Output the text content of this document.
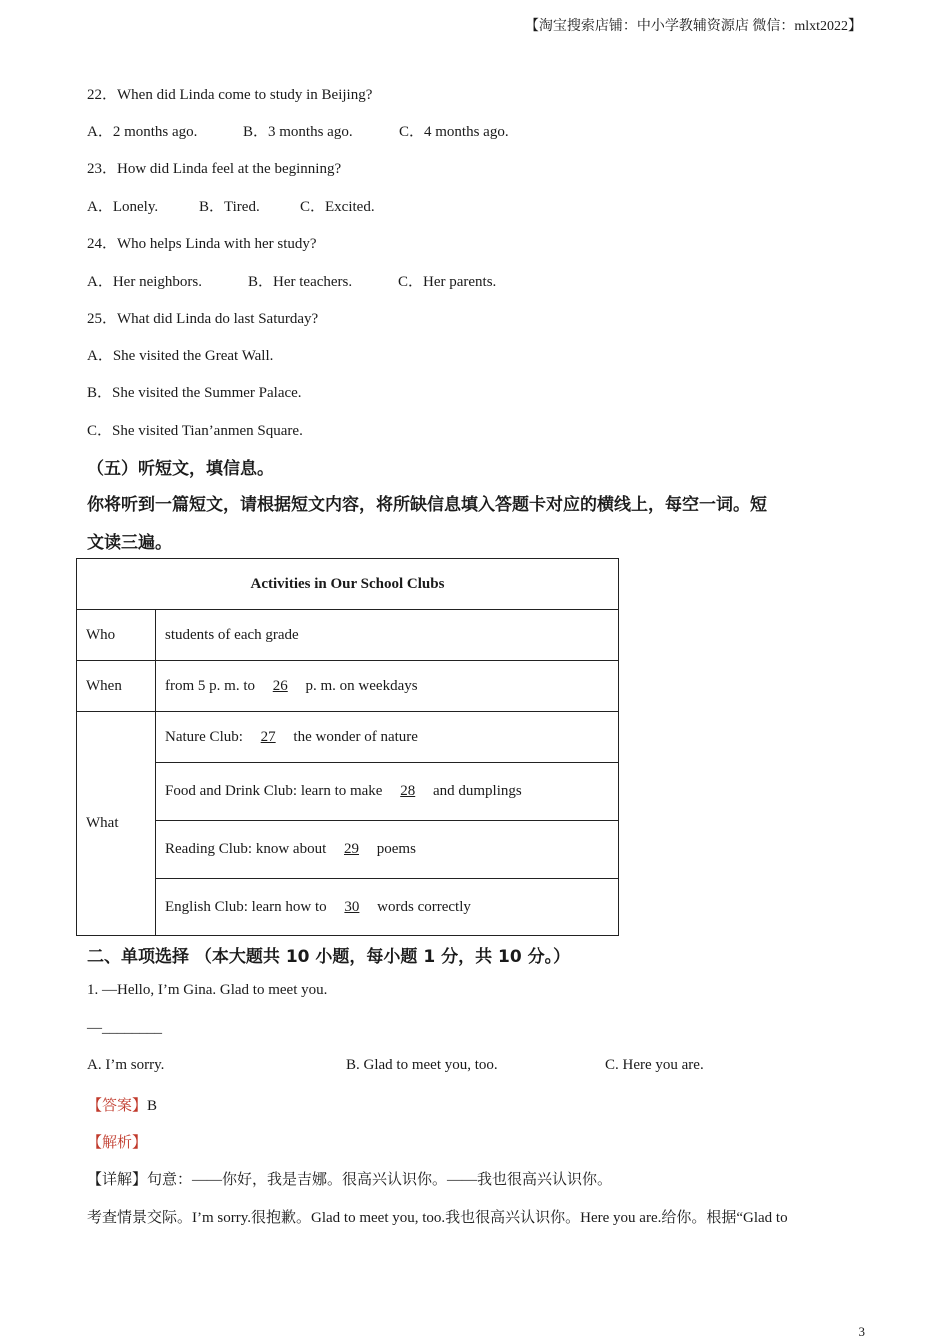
【淘宝搜索店铺：中小学教辅资源店 微信：mlxt2022】
22．When did Linda come to study in Beijing?
A．2 months ago.	B．3 months ago.	C．4 months ago.
23．How did Linda feel at the beginning?
A．Lonely.	B．Tired.	C．Excited.
24．Who helps Linda with her study?
A．Her neighbors.	B．Her teachers.	C．Her parents.
25．What did Linda do last Saturday?
A．She visited the Great Wall.
B．She visited the Summer Palace.
C．She visited Tian’anmen Square.
（五）听短文，填信息。
你将听到一篇短文，请根据短文内容，将所缺信息填入答题卡对应的横线上，每空一词。短
文读三遍。
Activities in Our School Clubs	
Who	students of each grade
When	from 5 p. m. to 26 p. m. on weekdays
What	Nature Club: 27 the wonder of nature
	Food and Drink Club: learn to make 28 and dumplings
	Reading Club: know about 29 poems
	English Club: learn how to 30 words correctly
二、单项选择 （本大题共 10 小题，每小题 1 分，共 10 分。）
1. —Hello, I’m Gina. Glad to meet you.
—________
A. I’m sorry.	B. Glad to meet you, too.	C. Here you are.
【答案】B
【解析】
【详解】句意：——你好，我是吉娜。很高兴认识你。——我也很高兴认识你。
考查情景交际。I’m sorry.很抱歉。Glad to meet you, too.我也很高兴认识你。Here you are.给你。根据“Glad to
3
